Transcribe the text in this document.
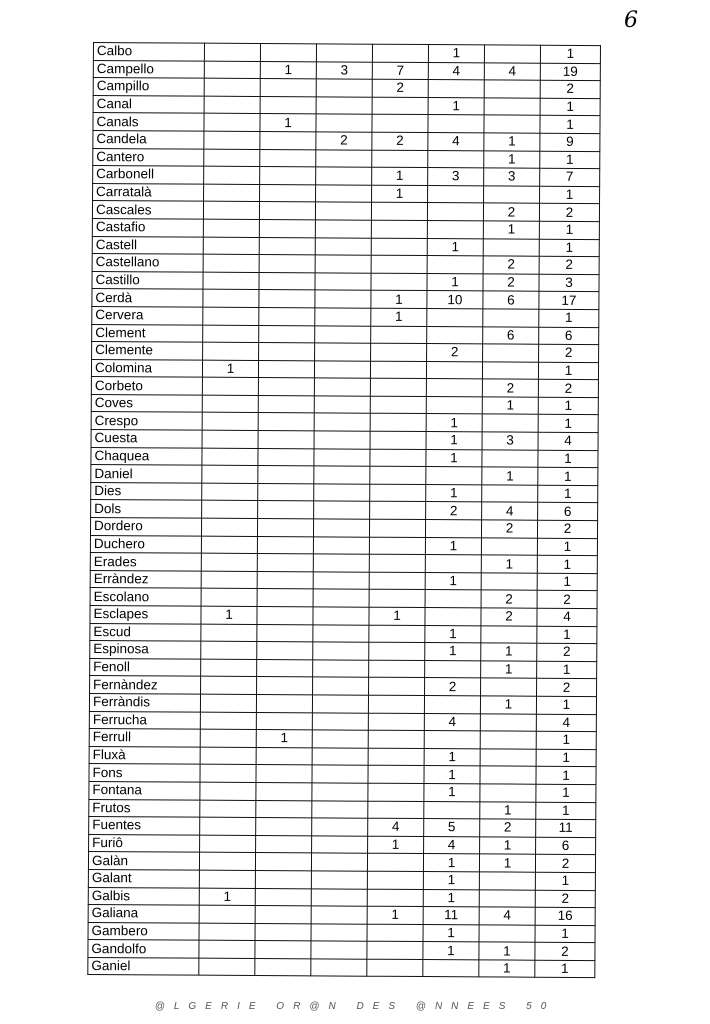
6
Calbo					1		1
Campello		1	3	7	4	4	19
Campillo				2			2
Canal					1		1
Canals		1					1
Candela			2	2	4	1	9
Cantero						1	1
Carbonell				1	3	3	7
Carratalà				1			1
Cascales						2	2
Castafio						1	1
Castell					1		1
Castellano						2	2
Castillo					1	2	3
Cerdà				1	10	6	17
Cervera				1			1
Clement						6	6
Clemente					2		2
Colomina	1						1
Corbeto						2	2
Coves						1	1
Crespo					1		1
Cuesta					1	3	4
Chaquea					1		1
Daniel						1	1
Dies					1		1
Dols					2	4	6
Dordero						2	2
Duchero					1		1
Erades						1	1
Erràndez					1		1
Escolano						2	2
Esclapes	1			1		2	4
Escud					1		1
Espinosa					1	1	2
Fenoll						1	1
Fernàndez					2		2
Ferràndis						1	1
Ferrucha					4		4
Ferrull		1					1
Fluxà					1		1
Fons					1		1
Fontana					1		1
Frutos						1	1
Fuentes				4	5	2	11
Furiô				1	4	1	6
Galàn					1	1	2
Galant					1		1
Galbis	1				1		2
Galiana				1	11	4	16
Gambero					1		1
Gandolfo					1	1	2
Ganiel						1	1
@LGERIE OR@N DES @NNEES 50
